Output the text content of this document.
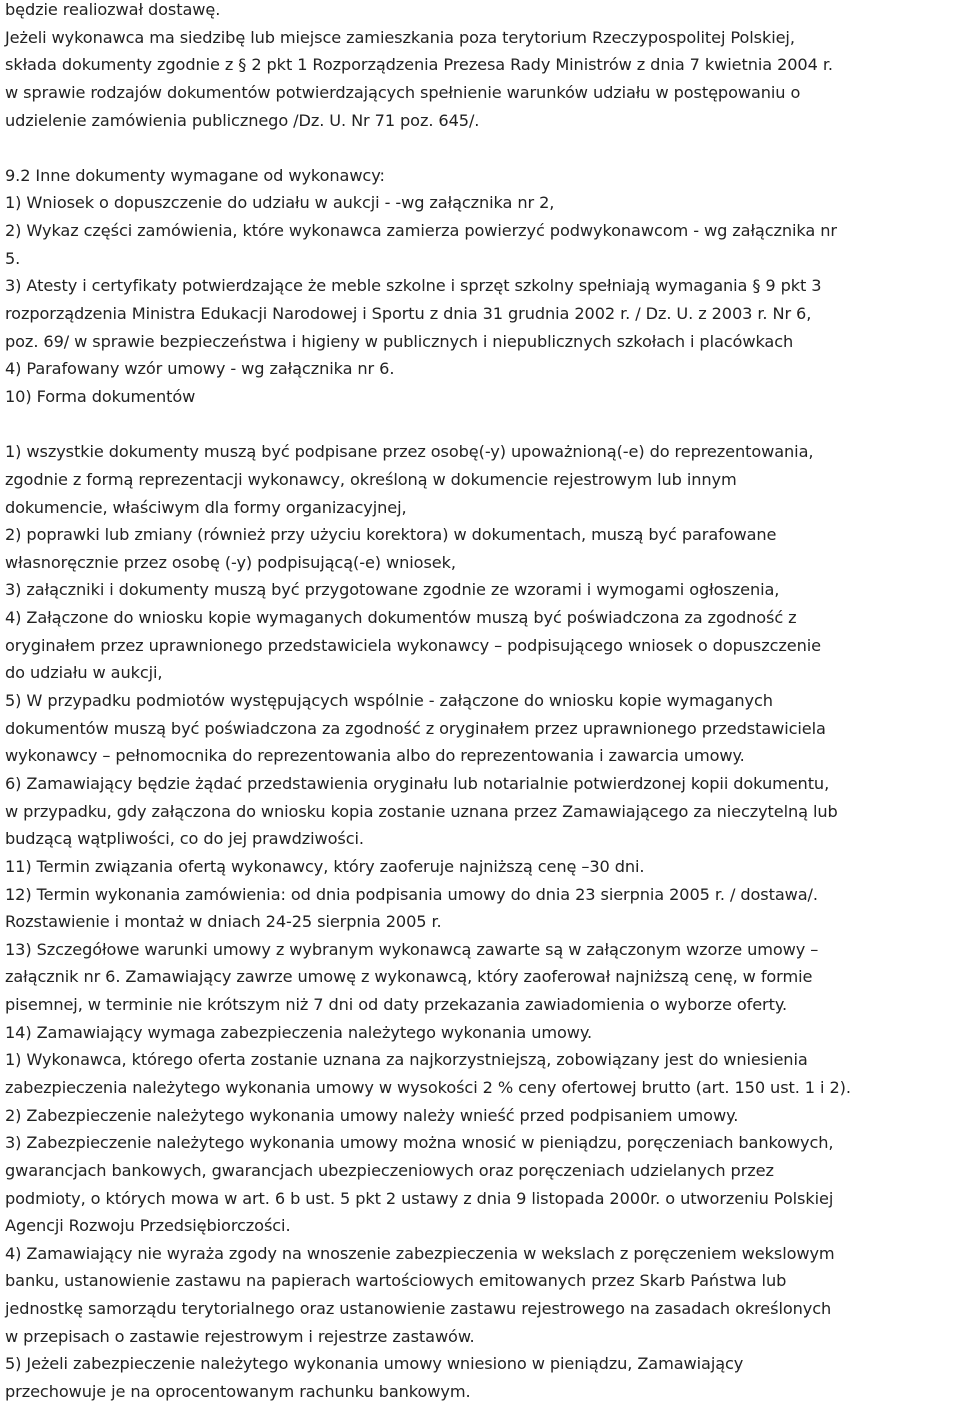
będzie realiozwał dostawę.
Jeżeli wykonawca ma siedzibę lub miejsce zamieszkania poza terytorium Rzeczypospolitej Polskiej,
składa dokumenty zgodnie z § 2 pkt 1 Rozporządzenia Prezesa Rady Ministrów z dnia 7 kwietnia 2004 r.
w sprawie rodzajów dokumentów potwierdzających spełnienie warunków udziału w postępowaniu o
udzielenie zamówienia publicznego /Dz. U. Nr 71 poz. 645/.
9.2 Inne dokumenty wymagane od wykonawcy:
1) Wniosek o dopuszczenie do udziału w aukcji - -wg załącznika nr 2,
2) Wykaz części zamówienia, które wykonawca zamierza powierzyć podwykonawcom - wg załącznika nr
5.
3) Atesty i certyfikaty potwierdzające że meble szkolne i sprzęt szkolny spełniają wymagania § 9 pkt 3
rozporządzenia Ministra Edukacji Narodowej i Sportu z dnia 31 grudnia 2002 r. / Dz. U. z 2003 r. Nr 6,
poz. 69/ w sprawie bezpieczeństwa i higieny w publicznych i niepublicznych szkołach i placówkach
4) Parafowany wzór umowy - wg załącznika nr 6.
10) Forma dokumentów
1) wszystkie dokumenty muszą być podpisane przez osobę(-y) upoważnioną(-e) do reprezentowania,
zgodnie z formą reprezentacji wykonawcy, określoną w dokumencie rejestrowym lub innym
dokumencie, właściwym dla formy organizacyjnej,
2) poprawki lub zmiany (również przy użyciu korektora) w dokumentach, muszą być parafowane
własnoręcznie przez osobę (-y) podpisującą(-e) wniosek,
3) załączniki i dokumenty muszą być przygotowane zgodnie ze wzorami i wymogami ogłoszenia,
4) Załączone do wniosku kopie wymaganych dokumentów muszą być poświadczona za zgodność z
oryginałem przez uprawnionego przedstawiciela wykonawcy – podpisującego wniosek o dopuszczenie
do udziału w aukcji,
5) W przypadku podmiotów występujących wspólnie - załączone do wniosku kopie wymaganych
dokumentów muszą być poświadczona za zgodność z oryginałem przez uprawnionego przedstawiciela
wykonawcy – pełnomocnika do reprezentowania albo do reprezentowania i zawarcia umowy.
6) Zamawiający będzie żądać przedstawienia oryginału lub notarialnie potwierdzonej kopii dokumentu,
w przypadku, gdy załączona do wniosku kopia zostanie uznana przez Zamawiającego za nieczytelną lub
budzącą wątpliwości, co do jej prawdziwości.
11) Termin związania ofertą wykonawcy, który zaoferuje najniższą cenę –30 dni.
12) Termin wykonania zamówienia: od dnia podpisania umowy do dnia 23 sierpnia 2005 r. / dostawa/.
Rozstawienie i montaż w dniach 24-25 sierpnia 2005 r.
13) Szczegółowe warunki umowy z wybranym wykonawcą zawarte są w załączonym wzorze umowy –
załącznik nr 6. Zamawiający zawrze umowę z wykonawcą, który zaoferował najniższą cenę, w formie
pisemnej, w terminie nie krótszym niż 7 dni od daty przekazania zawiadomienia o wyborze oferty.
14) Zamawiający wymaga zabezpieczenia należytego wykonania umowy.
1) Wykonawca, którego oferta zostanie uznana za najkorzystniejszą, zobowiązany jest do wniesienia
zabezpieczenia należytego wykonania umowy w wysokości 2 % ceny ofertowej brutto (art. 150 ust. 1 i 2).
2) Zabezpieczenie należytego wykonania umowy należy wnieść przed podpisaniem umowy.
3) Zabezpieczenie należytego wykonania umowy można wnosić w pieniądzu, poręczeniach bankowych,
gwarancjach bankowych, gwarancjach ubezpieczeniowych oraz poręczeniach udzielanych przez
podmioty, o których mowa w art. 6 b ust. 5 pkt 2 ustawy z dnia 9 listopada 2000r. o utworzeniu Polskiej
Agencji Rozwoju Przedsiębiorczości.
4) Zamawiający nie wyraża zgody na wnoszenie zabezpieczenia w wekslach z poręczeniem wekslowym
banku, ustanowienie zastawu na papierach wartościowych emitowanych przez Skarb Państwa lub
jednostkę samorządu terytorialnego oraz ustanowienie zastawu rejestrowego na zasadach określonych
w przepisach o zastawie rejestrowym i rejestrze zastawów.
5) Jeżeli zabezpieczenie należytego wykonania umowy wniesiono w pieniądzu, Zamawiający
przechowuje je na oprocentowanym rachunku bankowym.
